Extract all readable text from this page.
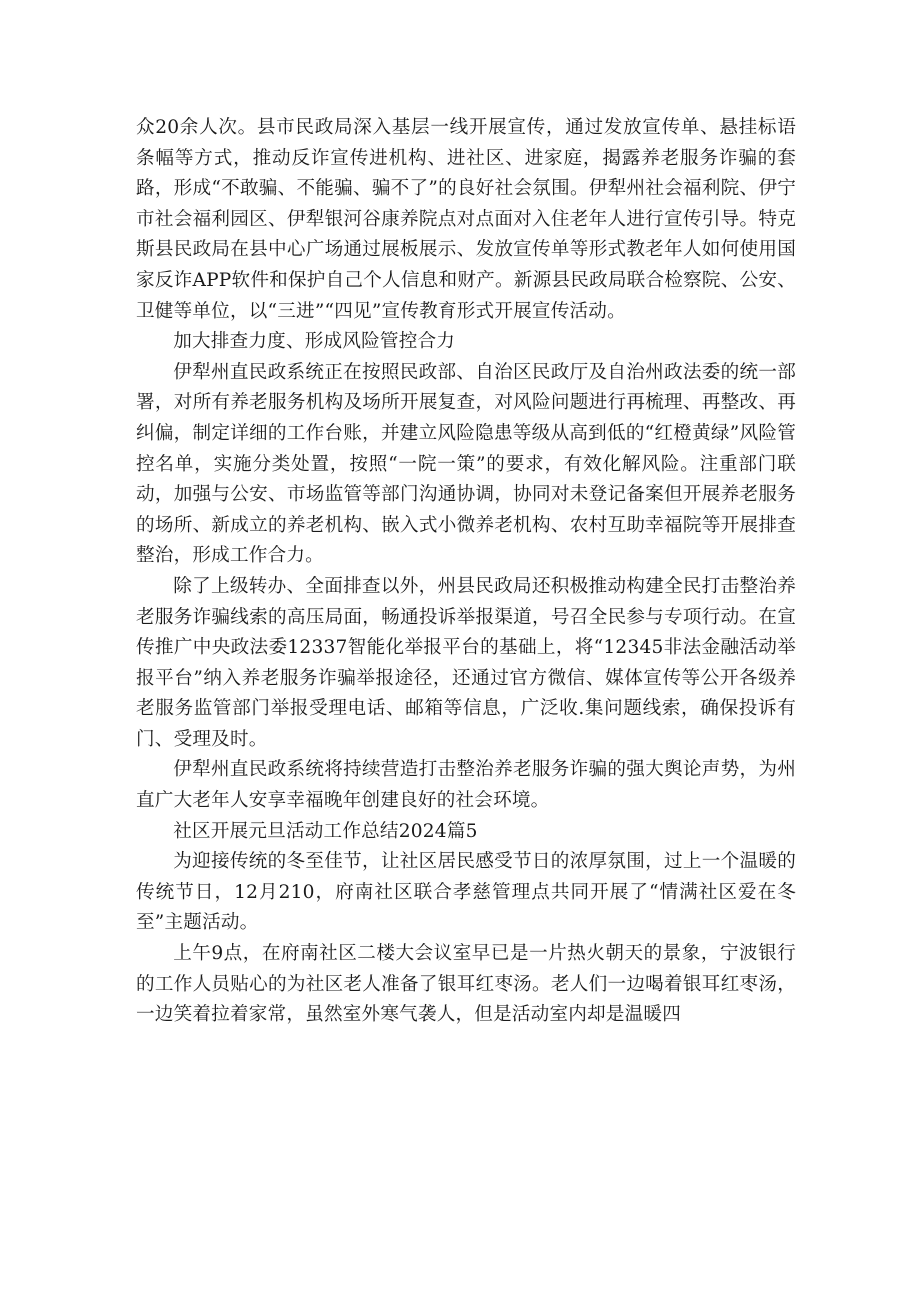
众20余人次。县市民政局深入基层一线开展宣传，通过发放宣传单、悬挂标语条幅等方式，推动反诈宣传进机构、进社区、进家庭，揭露养老服务诈骗的套路，形成“不敢骗、不能骗、骗不了”的良好社会氛围。伊犁州社会福利院、伊宁市社会福利园区、伊犁银河谷康养院点对点面对入住老年人进行宣传引导。特克斯县民政局在县中心广场通过展板展示、发放宣传单等形式教老年人如何使用国家反诈APP软件和保护自己个人信息和财产。新源县民政局联合检察院、公安、卫健等单位，以“三进”“四见”宣传教育形式开展宣传活动。

加大排查力度、形成风险管控合力

伊犁州直民政系统正在按照民政部、自治区民政厅及自治州政法委的统一部署，对所有养老服务机构及场所开展复查，对风险问题进行再梳理、再整改、再纠偏，制定详细的工作台账，并建立风险隐患等级从高到低的“红橙黄绿”风险管控名单，实施分类处置，按照“一院一策”的要求，有效化解风险。注重部门联动，加强与公安、市场监管等部门沟通协调，协同对未登记备案但开展养老服务的场所、新成立的养老机构、嵌入式小微养老机构、农村互助幸福院等开展排查整治，形成工作合力。

除了上级转办、全面排查以外，州县民政局还积极推动构建全民打击整治养老服务诈骗线索的高压局面，畅通投诉举报渠道，号召全民参与专项行动。在宣传推广中央政法委12337智能化举报平台的基础上，将“12345非法金融活动举报平台”纳入养老服务诈骗举报途径，还通过官方微信、媒体宣传等公开各级养老服务监管部门举报受理电话、邮箱等信息，广泛收.集问题线索，确保投诉有门、受理及时。

伊犁州直民政系统将持续营造打击整治养老服务诈骗的强大舆论声势，为州直广大老年人安享幸福晚年创建良好的社会环境。

社区开展元旦活动工作总结2024篇5

为迎接传统的冬至佳节，让社区居民感受节日的浓厚氛围，过上一个温暖的传统节日，12月210，府南社区联合孝慈管理点共同开展了“情满社区爱在冬至”主题活动。

上午9点，在府南社区二楼大会议室早已是一片热火朝天的景象，宁波银行的工作人员贴心的为社区老人准备了银耳红枣汤。老人们一边喝着银耳红枣汤，一边笑着拉着家常，虽然室外寒气袭人，但是活动室内却是温暖四
